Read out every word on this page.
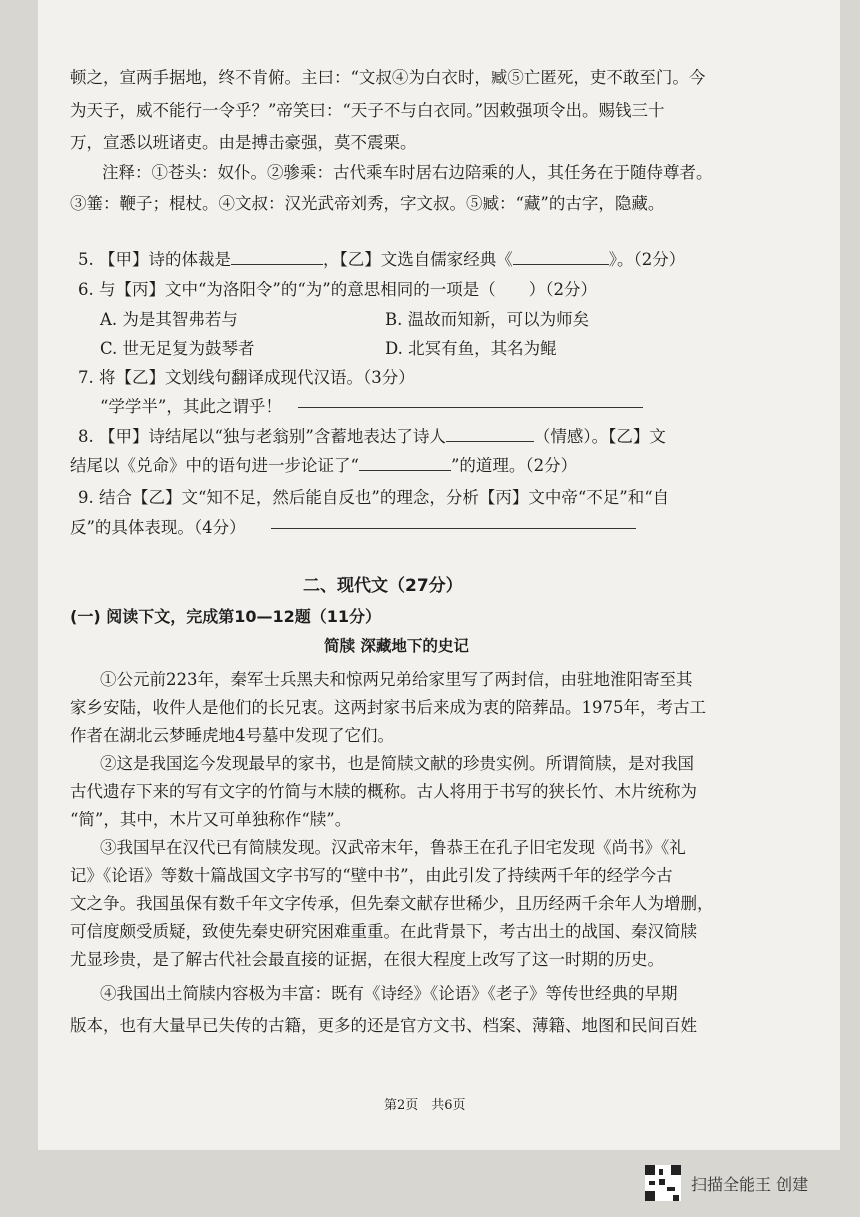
顿之，宣两手据地，终不肯俯。主曰：“文叔④为白衣时，臧⑤亡匿死，吏不敢至门。今
为天子，威不能行一令乎？”帝笑曰：“天子不与白衣同。”因敕强项令出。赐钱三十
万，宣悉以班诸吏。由是搏击豪强，莫不震栗。
注释：①苍头：奴仆。②骖乘：古代乘车时居右边陪乘的人，其任务在于随侍尊者。
③箠：鞭子；棍杖。④文叔：汉光武帝刘秀，字文叔。⑤臧：“藏”的古字，隐藏。
5. 【甲】诗的体裁是	，【乙】文选自儒家经典《	》。（2分）
6. 与【丙】文中“为洛阳令”的“为”的意思相同的一项是（　　）（2分）
A. 为是其智弗若与	B. 温故而知新，可以为师矣
C. 世无足复为鼓琴者	D. 北冥有鱼，其名为鲲
7. 将【乙】文划线句翻译成现代汉语。（3分）
“学学半”，其此之谓乎！
8. 【甲】诗结尾以“独与老翁别”含蓄地表达了诗人	（情感）。【乙】文
结尾以《兑命》中的语句进一步论证了“	”的道理。（2分）
9. 结合【乙】文“知不足，然后能自反也”的理念，分析【丙】文中帝“不足”和“自
反”的具体表现。（4分）
二、现代文（27分）
(一) 阅读下文，完成第10—12题（11分）
简牍 深藏地下的史记
①公元前223年，秦军士兵黑夫和惊两兄弟给家里写了两封信，由驻地淮阳寄至其
家乡安陆，收件人是他们的长兄衷。这两封家书后来成为衷的陪葬品。1975年，考古工
作者在湖北云梦睡虎地4号墓中发现了它们。
②这是我国迄今发现最早的家书，也是简牍文献的珍贵实例。所谓简牍，是对我国
古代遗存下来的写有文字的竹简与木牍的概称。古人将用于书写的狭长竹、木片统称为
“简”，其中，木片又可单独称作“牍”。
③我国早在汉代已有简牍发现。汉武帝末年，鲁恭王在孔子旧宅发现《尚书》《礼
记》《论语》等数十篇战国文字书写的“壁中书”，由此引发了持续两千年的经学今古
文之争。我国虽保有数千年文字传承，但先秦文献存世稀少，且历经两千余年人为增删，
可信度颇受质疑，致使先秦史研究困难重重。在此背景下，考古出土的战国、秦汉简牍
尤显珍贵，是了解古代社会最直接的证据，在很大程度上改写了这一时期的历史。
④我国出土简牍内容极为丰富：既有《诗经》《论语》《老子》等传世经典的早期
版本，也有大量早已失传的古籍，更多的还是官方文书、档案、薄籍、地图和民间百姓
第2页　共6页
扫描全能王 创建
